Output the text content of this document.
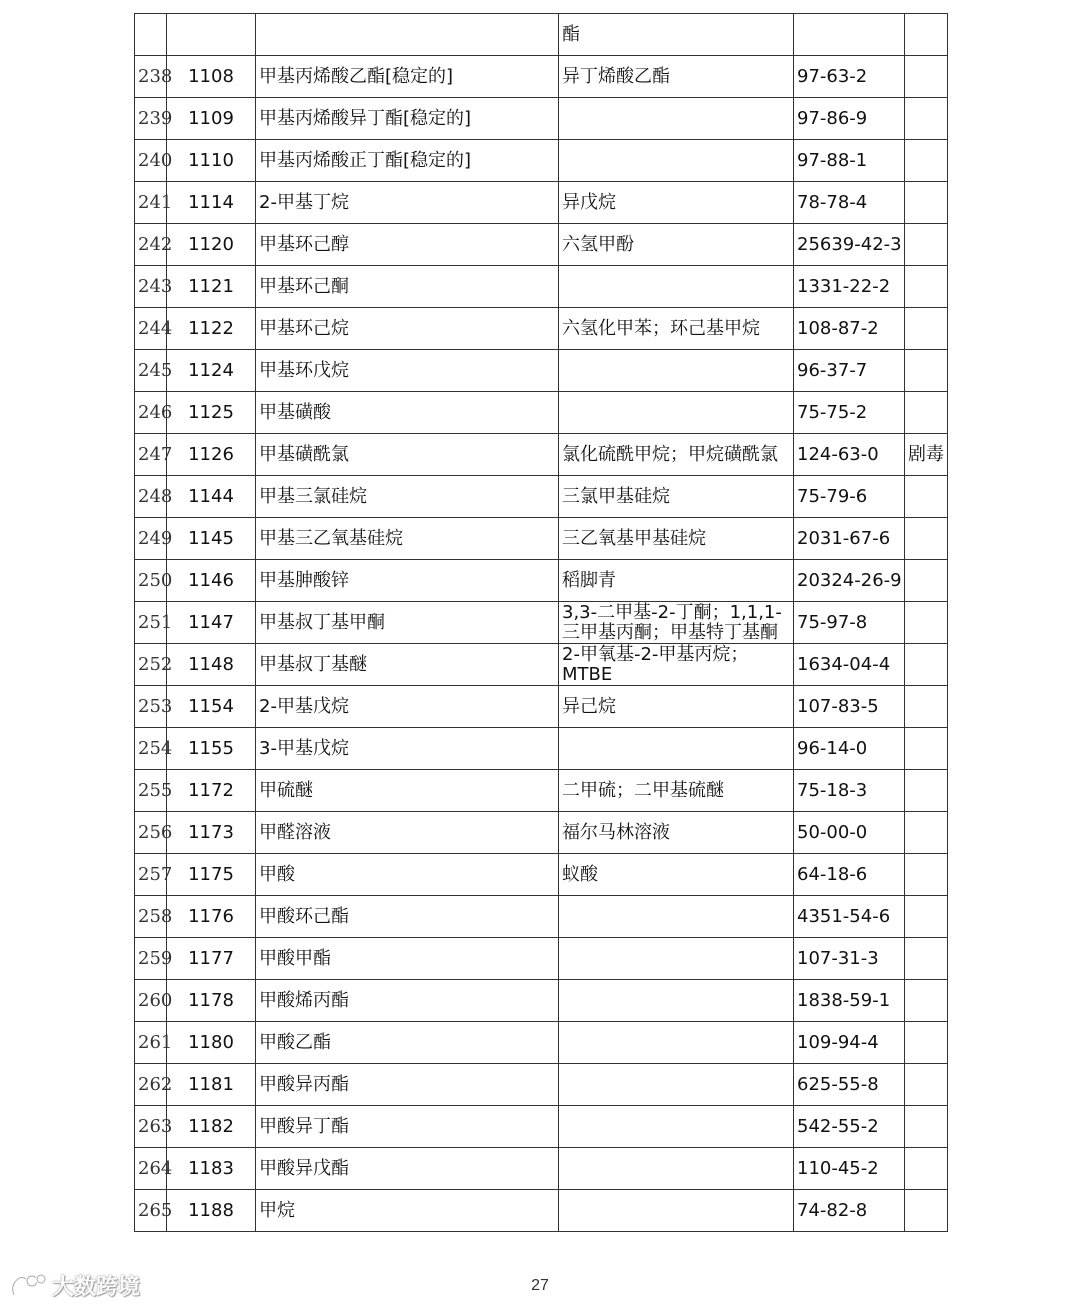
			酯		
238	1108	甲基丙烯酸乙酯[稳定的]	异丁烯酸乙酯	97-63-2	
239	1109	甲基丙烯酸异丁酯[稳定的]		97-86-9	
240	1110	甲基丙烯酸正丁酯[稳定的]		97-88-1	
241	1114	2-甲基丁烷	异戊烷	78-78-4	
242	1120	甲基环己醇	六氢甲酚	25639-42-3	
243	1121	甲基环己酮		1331-22-2	
244	1122	甲基环己烷	六氢化甲苯；环己基甲烷	108-87-2	
245	1124	甲基环戊烷		96-37-7	
246	1125	甲基磺酸		75-75-2	
247	1126	甲基磺酰氯	氯化硫酰甲烷；甲烷磺酰氯	124-63-0	剧毒
248	1144	甲基三氯硅烷	三氯甲基硅烷	75-79-6	
249	1145	甲基三乙氧基硅烷	三乙氧基甲基硅烷	2031-67-6	
250	1146	甲基胂酸锌	稻脚青	20324-26-9	
251	1147	甲基叔丁基甲酮	3,3-二甲基-2-丁酮；1,1,1-三甲基丙酮；甲基特丁基酮	75-97-8	
252	1148	甲基叔丁基醚	2-甲氧基-2-甲基丙烷；MTBE	1634-04-4	
253	1154	2-甲基戊烷	异己烷	107-83-5	
254	1155	3-甲基戊烷		96-14-0	
255	1172	甲硫醚	二甲硫；二甲基硫醚	75-18-3	
256	1173	甲醛溶液	福尔马林溶液	50-00-0	
257	1175	甲酸	蚁酸	64-18-6	
258	1176	甲酸环己酯		4351-54-6	
259	1177	甲酸甲酯		107-31-3	
260	1178	甲酸烯丙酯		1838-59-1	
261	1180	甲酸乙酯		109-94-4	
262	1181	甲酸异丙酯		625-55-8	
263	1182	甲酸异丁酯		542-55-2	
264	1183	甲酸异戊酯		110-45-2	
265	1188	甲烷		74-82-8	
27
大数跨境
